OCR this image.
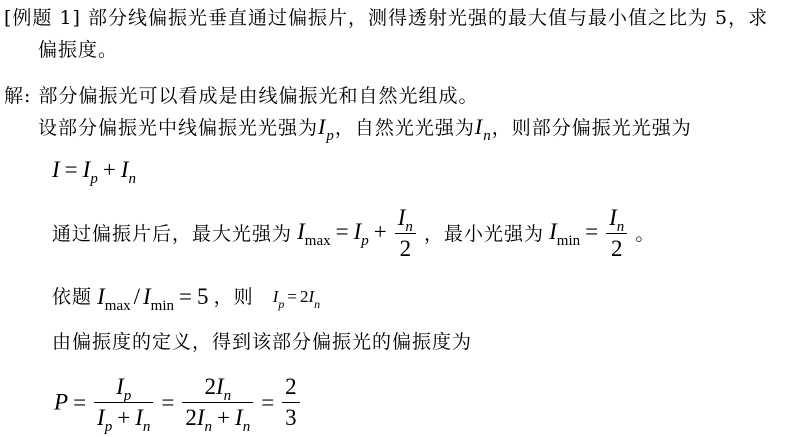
[例题 1] 部分线偏振光垂直通过偏振片，测得透射光强的最大值与最小值之比为 5，求
偏振度。
解: 部分偏振光可以看成是由线偏振光和自然光组成。
设部分偏振光中线偏振光光强为$I_p$，自然光光强为$I_n$，则部分偏振光光强为
$I = I_p + I_n$
通过偏振片后，最大光强为 $I_{max} = I_p + \frac{I_n}{2}$ ，最小光强为 $I_{min} = \frac{I_n}{2}$ 。
依题 $I_{max} / I_{min} = 5$ ，则 $I_p = 2I_n$
由偏振度的定义，得到该部分偏振光的偏振度为
$P = \frac{I_p}{I_p + I_n} = \frac{2I_n}{2I_n + I_n} = \frac{2}{3}$
